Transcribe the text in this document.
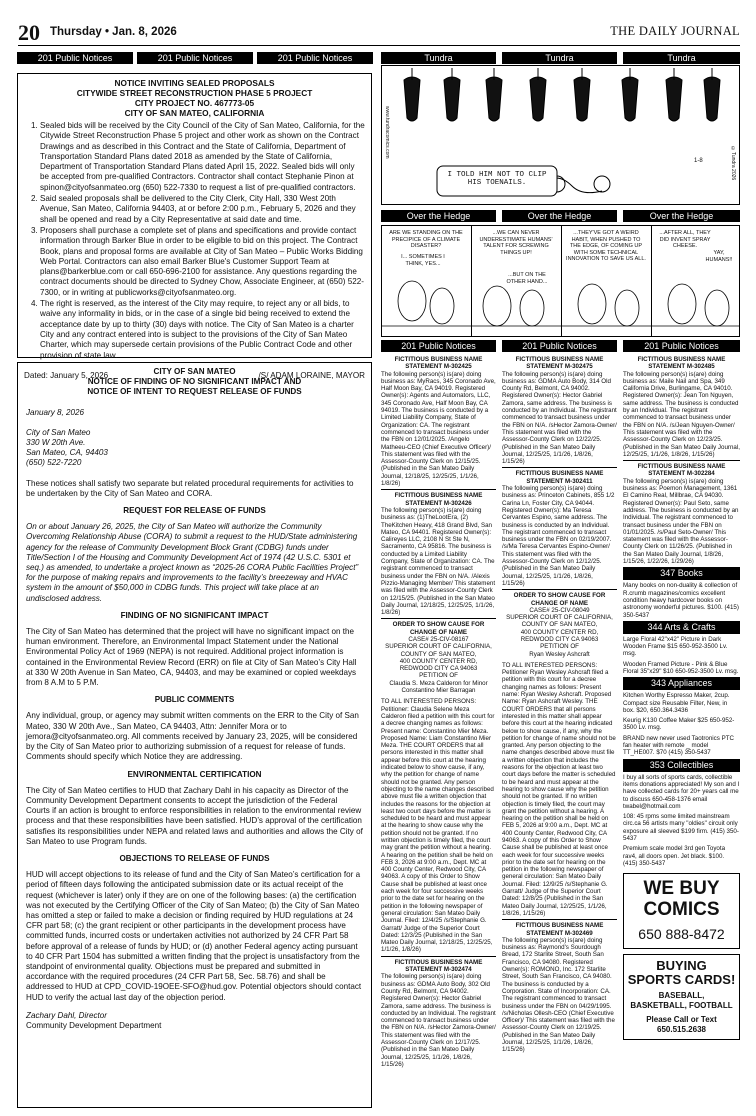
20 Thursday • Jan. 8, 2026	THE DAILY JOURNAL
201 Public Notices	201 Public Notices	201 Public Notices	Tundra	Tundra	Tundra
NOTICE INVITING SEALED PROPOSALS
CITYWIDE STREET RECONSTRUCTION PHASE 5 PROJECT
CITY PROJECT NO. 467773-05
CITY OF SAN MATEO, CALIFORNIA
1. Sealed bids will be received by the City Council of the City of San Mateo, California, for the Citywide Street Reconstruction Phase 5 project and other work as shown on the Contract Drawings and as described in this Contract and the State of California, Department of Transportation Standard Plans dated 2018 as amended by the State of California, Department of Transportation Standard Plans dated April 15, 2022. Sealed bids will only be accepted from pre-qualified Contractors. Contractor shall contact Stephanie Pinon at spinon@cityofsanmateo.org (650) 522-7330 to request a list of pre-qualified contractors.
2. Said sealed proposals shall be delivered to the City Clerk, City Hall, 330 West 20th Avenue, San Mateo, California 94403, at or before 2:00 p.m., February 5, 2026 and they shall be opened and read by a City Representative at said date and time.
3. Proposers shall purchase a complete set of plans and specifications and provide contact information through Barker Blue in order to be eligible to bid on this project. The Contract Book, plans and proposal forms are available at City of San Mateo – Public Works Bidding Web Portal. Contractors can also email Barker Blue's Customer Support Team at plans@barkerblue.com or call 650-696-2100 for assistance. Any questions regarding the contract documents should be directed to Sydney Chow, Associate Engineer, at (650) 522-7300, or in writing at publicworks@cityofsanmateo.org.
4. The right is reserved, as the interest of the City may require, to reject any or all bids, to waive any informality in bids, or in the case of a single bid being received to extend the acceptance date by up to thirty (30) days with notice. The City of San Mateo is a charter City and any contract entered into is subject to the provisions of the City of San Mateo Charter, which may supersede certain provisions of the Public Contract Code and other provision of state law.
Dated: January 5, 2026	/S/ ADAM LORAINE, MAYOR
CITY OF SAN MATEO
NOTICE OF FINDING OF NO SIGNIFICANT IMPACT AND
NOTICE OF INTENT TO REQUEST RELEASE OF FUNDS

January 8, 2026

City of San Mateo
330 W 20th Ave.
San Mateo, CA, 94403
(650) 522-7220

These notices shall satisfy two separate but related procedural requirements for activities to be undertaken by the City of San Mateo and CORA.

REQUEST FOR RELEASE OF FUNDS

On or about January 26, 2025, the City of San Mateo will authorize the Community Overcoming Relationship Abuse (CORA) to submit a request to the HUD/State administering agency for the release of Community Development Block Grant (CDBG) funds under Title/Section I of the Housing and Community Development Act of 1974 (42 U.S.C. 5301 et seq.) as amended, to undertake a project known as “2025-26 CORA Public Facilities Project” for the purpose of making repairs and improvements to the facility’s breezeway and HVAC system in the amount of $50,000 in CDBG funds. This project will take place at an undisclosed address.

FINDING OF NO SIGNIFICANT IMPACT

The City of San Mateo has determined that the project will have no significant impact on the human environment. Therefore, an Environmental Impact Statement under the National Environmental Policy Act of 1969 (NEPA) is not required. Additional project information is contained in the Environmental Review Record (ERR) on file at City of San Mateo’s City Hall at 330 W 20th Avenue in San Mateo, CA, 94403, and may be examined or copied weekdays from 8 A.M to 5 P.M.

PUBLIC COMMENTS

Any individual, group, or agency may submit written comments on the ERR to the City of San Mateo, 330 W 20th Ave., San Mateo, CA 94403, Attn: Jennifer Mora or to jemora@cityofsanmateo.org. All comments received by January 23, 2025, will be considered by the City of San Mateo prior to authorizing submission of a request for release of funds. Comments should specify which Notice they are addressing.

ENVIRONMENTAL CERTIFICATION

The City of San Mateo certifies to HUD that Zachary Dahl in his capacity as Director of the Community Development Department consents to accept the jurisdiction of the Federal Courts if an action is brought to enforce responsibilities in relation to the environmental review process and that these responsibilities have been satisfied. HUD’s approval of the certification satisfies its responsibilities under NEPA and related laws and authorities and allows the City of San Mateo to use Program funds.

OBJECTIONS TO RELEASE OF FUNDS

HUD will accept objections to its release of fund and the City of San Mateo’s certification for a period of fifteen days following the anticipated submission date or its actual receipt of the request (whichever is later) only if they are on one of the following bases: (a) the certification was not executed by the Certifying Officer of the City of San Mateo; (b) the City of San Mateo has omitted a step or failed to make a decision or finding required by HUD regulations at 24 CFR part 58; (c) the grant recipient or other participants in the development process have committed funds, incurred costs or undertaken activities not authorized by 24 CFR Part 58 before approval of a release of funds by HUD; or (d) another Federal agency acting pursuant to 40 CFR Part 1504 has submitted a written finding that the project is unsatisfactory from the standpoint of environmental quality. Objections must be prepared and submitted in accordance with the required procedures (24 CFR Part 58, Sec. 58.76) and shall be addressed to HUD at CPD_COVID-19OEE-SFO@hud.gov. Potential objectors should contact HUD to verify the actual last day of the objection period.

Zachary Dahl, Director

Community Development Department

I TOLD HIM NOT TO CLIP HIS TOENAILS.
www.tundracomics.com
©Tundra 2026
1-8
Over the Hedge	Over the Hedge	Over the Hedge
ARE WE STANDING ON THE PRECIPICE OF A CLIMATE DISASTER?
I... SOMETIMES I THINK, YES...
...WE CAN NEVER UNDERESTIMATE HUMANS' TALENT FOR SCREWING THINGS UP!
...BUT ON THE OTHER HAND...
...THEY'VE GOT A WEIRD HABIT, WHEN PUSHED TO THE EDGE, OF COMING UP WITH SOME TECHNICAL INNOVATION TO SAVE US ALL.
...AFTER ALL, THEY DID INVENT SPRAY CHEESE.
YAY, HUMANS!!
201 Public Notices	201 Public Notices	201 Public Notices
FICTITIOUS BUSINESS NAME
STATEMENT M-302425

The following person(s) is(are) doing business as: MyRacs, 345 Coronado Ave, Half Moon Bay, CA 94019. Registered Owner(s): Agents and Automators, LLC, 345 Coronado Ave, Half Moon Bay, CA 94019. The business is conducted by a Limited Liability Company, State of Organization: CA. The registrant commenced to transact business under the FBN on 12/01/2025. /Angelo Matheeu-CEO (Chief Executive Officer)/ This statement was filed with the Assessor-County Clerk on 12/15/25. (Published in the San Mateo Daily Journal, 12/18/25, 12/25/25, 1/1/26, 1/8/26)

FICTITIOUS BUSINESS NAME
STATEMENT M-302426

The following person(s) is(are) doing business as: (1)TheLootEra, (2) TheKitchen Heavy, 418 Grand Blvd, San Mateo, CA 94401. Registered Owner(s): Calireyes LLC, 2108 N St Ste N, Sacramento, CA 95816. The business is conducted by a Limited Liability Company, State of Organization: CA. The registrant commenced to transact business under the FBN on N/A. /Alexis Pizzio-Managing Member/ This statement was filed with the Assessor-County Clerk on 12/15/25. (Published in the San Mateo Daily Journal, 12/18/25, 12/25/25, 1/1/26, 1/8/26)

ORDER TO SHOW CAUSE FOR
CHANGE OF NAME
CASE# 25-CIV-08167
SUPERIOR COURT OF CALIFORNIA,
COUNTY OF SAN MATEO,
400 COUNTY CENTER RD,
REDWOOD CITY CA 94063
PETITION OF
Claudia S. Meza Calderon for Minor
Constantino Mier Barragan

TO ALL INTERESTED PERSONS: Petitioner: Claudia Selene Meza Calderon filed a petition with this court for a decree changing names as follows: Present name: Constantino Mier Meza. Proposed Name: Liam Constantino Mier Meza. THE COURT ORDERS that all persons interested in this matter shall appear before this court at the hearing indicated below to show cause, if any, why the petition for change of name should not be granted. Any person objecting to the name changes described above must file a written objection that includes the reasons for the objection at least two court days before the matter is scheduled to be heard and must appear at the hearing to show cause why the petition should not be granted. If no written objection is timely filed, the court may grant the petition without a hearing. A hearing on the petition shall be held on FEB 3, 2026 at 9:00 a.m., Dept. MC at 400 County Center, Redwood City, CA 94063. A copy of this Order to Show Cause shall be published at least once each week for four successive weeks prior to the date set for hearing on the petition in the following newspaper of general circulation: San Mateo Daily Journal. Filed: 12/4/25 /s/Stephanie G. Garratt/ Judge of the Superior Court Dated: 12/3/25 (Published in the San Mateo Daily Journal, 12/18/25, 12/25/25, 1/1/26, 1/8/26)

FICTITIOUS BUSINESS NAME
STATEMENT M-302474

The following person(s) is(are) doing business as: GDMA Auto Body, 302 Old County Rd, Belmont, CA 94002. Registered Owner(s): Hector Gabriel Zamora, same address. The business is conducted by an Individual. The registrant commenced to transact business under the FBN on N/A. /sHector Zamora-Owner/ This statement was filed with the Assessor-County Clerk on 12/17/25. (Published in the San Mateo Daily Journal, 12/25/25, 1/1/26, 1/8/26, 1/15/26)

FICTITIOUS BUSINESS NAME
STATEMENT M-302475

The following person(s) is(are) doing business as: GDMA Auto Body, 314 Old County Rd, Belmont, CA 94002. Registered Owner(s): Hector Gabriel Zamora, same address. The business is conducted by an Individual. The registrant commenced to transact business under the FBN on N/A. /sHector Zamora-Owner/ This statement was filed with the Assessor-County Clerk on 12/22/25. (Published in the San Mateo Daily Journal, 12/25/25, 1/1/26, 1/8/26, 1/15/26)

FICTITIOUS BUSINESS NAME
STATEMENT M-302411

The following person(s) is(are) doing business as: Princeton Cabinets, 855 1/2 Carina Ln, Foster City, CA 94044. Registered Owner(s): Ma Teresa Cervantes Espino, same address. The business is conducted by an Individual. The registrant commenced to transact business under the FBN on 02/19/2007. /s/Ma Teresa Cervantes Espino-Owner/ This statement was filed with the Assessor-County Clerk on 12/12/25. (Published in the San Mateo Daily Journal, 12/25/25, 1/1/26, 1/8/26, 1/15/26)

ORDER TO SHOW CAUSE FOR
CHANGE OF NAME
CASE# 25-CIV-08049
SUPERIOR COURT OF CALIFORNIA,
COUNTY OF SAN MATEO,
400 COUNTY CENTER RD,
REDWOOD CITY CA 94063
PETITION OF
Ryan Wesley Ashcraft

TO ALL INTERESTED PERSONS: Petitioner Ryan Wesley Ashcraft filed a petition with this court for a decree changing names as follows: Present name: Ryan Wesley Ashcraft. Proposed Name: Ryan Ashcraft Wesley. THE COURT ORDERS that all persons interested in this matter shall appear before this court at the hearing indicated below to show cause, if any, why the petition for change of name should not be granted. Any person objecting to the name changes described above must file a written objection that includes the reasons for the objection at least two court days before the matter is scheduled to be heard and must appear at the hearing to show cause why the petition should not be granted. If no written objection is timely filed, the court may grant the petition without a hearing. A hearing on the petition shall be held on FEB 5, 2026 at 9:00 a.m., Dept. MC at 400 County Center, Redwood City, CA 94063. A copy of this Order to Show Cause shall be published at least once each week for four successive weeks prior to the date set for hearing on the petition in the following newspaper of general circulation: San Mateo Daily Journal. Filed: 12/9/25 /s/Stephanie G. Garratt/ Judge of the Superior Court Dated: 12/8/25 (Published in the San Mateo Daily Journal, 12/25/25, 1/1/26, 1/8/26, 1/15/26)

FICTITIOUS BUSINESS NAME
STATEMENT M-302469

The following person(s) is(are) doing business as: Raymond's Sourdough Bread, 172 Starlite Street, South San Francisco, CA 94080. Registered Owner(s): ROMONO, Inc. 172 Starlite Street, South San Francisco, CA 94080. The business is conducted by a Corporation. State of Incorporation: CA. The registrant commenced to transact business under the FBN on 04/29/1995. /s/Nicholas Ollesh-CEO (Chief Executive Officer)/ This statement was filed with the Assessor-County Clerk on 12/19/25. (Published in the San Mateo Daily Journal, 12/25/25, 1/1/26, 1/8/26, 1/15/26)

FICTITIOUS BUSINESS NAME
STATEMENT M-302485

The following person(s) is(are) doing business as: Maile Nail and Spa, 349 California Drive, Burlingame, CA 94010. Registered Owner(s): Jean Ton Nguyen, same address. The business is conducted by an Individual. The registrant commenced to transact business under the FBN on N/A. /s/Jean Nguyen-Owner/ This statement was filed with the Assessor-County Clerk on 12/23/25. (Published in the San Mateo Daily Journal, 12/25/25, 1/1/26, 1/8/26, 1/15/26)

FICTITIOUS BUSINESS NAME
STATEMENT M-302284

The following person(s) is(are) doing business as: Poemon Management, 1361 El Camino Real, Millbrae, CA 94030. Registered Owner(s): Paul Seto, same address. The business is conducted by an Individual. The registrant commenced to transact business under the FBN on 01/01/2025. /s/Paul Seto-Owner/ This statement was filed with the Assessor-County Clerk on 11/26/25. (Published in the San Mateo Daily Journal, 1/8/26, 1/15/26, 1/22/26, 1/29/26)

347 Books

Many books on non-duality & collection of R.crumb magazines/comics excellent condition heavy hardcover books on astronomy wonderful pictures. $100. (415) 350-5437

344 Arts & Crafts

Large Floral 42"x42" Picture in Dark Wooden Frame $15 650-952-3500 Lv. msg.

Wooden Framed Picture - Pink & Blue Floral 35"x29" $10 650-952-3500 Lv. msg.

343 Appliances

Kitchen Worthy Espresso Maker, 2cup. Compact size Reusable Filter, New, in box. $20, 650.364.3436

Keurig K130 Coffee Maker $25 650-952-3500 Lv. msg.

BRAND new never used Taotronics PTC fan heater with remote _ model TT_HE007. $70 (415) 350-5437

353 Collectibles

I buy all sorts of sports cards, collectible items donations appreciated! My son and I have collected cards for 20+ years call me to discuss 650-458-1376 email twabel@hotmail.com

108: 45 rpms some limited mainstream circ.ca 56 artists many "oldies" circuit only exposure all sleeved $199 firm. (415) 350-5437

Premium scale model 3rd gen Toyota rav4, all doors open. Jet black. $100. (415) 350-5437

WE BUY
COMICS
650 888-8472
BUYING
SPORTS CARDS!
BASEBALL,
BASKETBALL, FOOTBALL
Please Call or Text
650.515.2638
